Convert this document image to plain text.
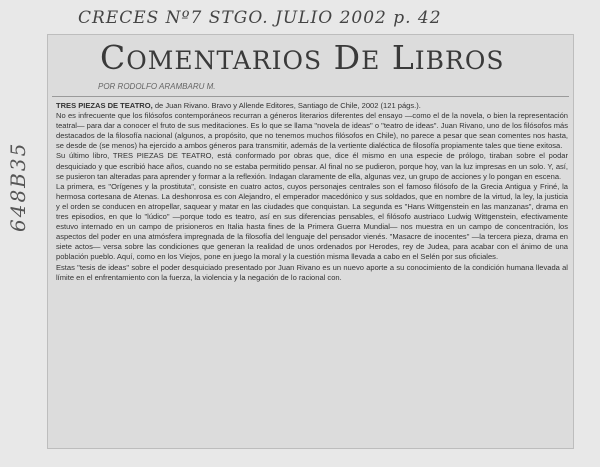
CRECES Nº7 STGO. JULIO 2002 p. 42
648B35
COMENTARIOS DE LIBROS
POR RODOLFO ARAMBARU M.

TRES PIEZAS DE TEATRO, de Juan Rivano. Bravo y Allende Editores, Santiago de Chile, 2002 (121 págs.).

No es infrecuente que los filósofos contemporáneos recurran a géneros literarios diferentes del ensayo —como el de la novela, o bien la representación teatral— para dar a conocer el fruto de sus meditaciones. Es lo que se llama "novela de ideas" o "teatro de ideas". Juan Rivano, uno de los filósofos más destacados de la filosofía nacional (algunos, a propósito, que no tenemos muchos filósofos en Chile), no parece a pesar que sean comentes nos hasta, se desde de (se menos) ha ejercido a ambos géneros para transmitir, además de la vertiente dialéctica de filosofía propiamente tales que tiene exitosa.

Su último libro, TRES PIEZAS DE TEATRO, está conformado por obras que, dice él mismo en una especie de prólogo, tiraban sobre el podar desquiciado y que escribió hace años, cuando no se estaba permitido pensar. Al final no se pudieron, porque hoy, van la luz impresas en un solo. Y, así, se pusieron tan alteradas para aprender y formar a la reflexión. Indagan claramente de ella, algunas vez, un grupo de acciones y lo pongan en escena.

La primera, es "Orígenes y la prostituta", consiste en cuatro actos, cuyos personajes centrales son el famoso filósofo de la Grecia Antigua y Friné, la hermosa cortesana de Atenas. La deshonrosa es con Alejandro, el emperador macedónico y sus soldados, que en nombre de la virtud, la ley, la justicia y el orden se conducen en atropellar, saquear y matar en las ciudades que conquistan. La segunda es "Hans Wittgenstein en las manzanas", drama en tres episodios, en que lo "lúdico" —porque todo es teatro, así en sus diferencias pensables, el filósofo austriaco Ludwig Wittgenstein, efectivamente estuvo internado en un campo de prisioneros en Italia hasta fines de la Primera Guerra Mundial— nos muestra en un campo de concentración, los aspectos del poder en una atmósfera impregnada de la filosofía del lenguaje del pensador vienés. "Masacre de inocentes" —la tercera pieza, drama en siete actos— versa sobre las condiciones que generan la realidad de unos ordenados por Herodes, rey de Judea, para acabar con el ánimo de una población pueblo. Aquí, como en los Viejos, pone en juego la moral y la cuestión misma llevada a cabo en el Selén por sus oficiales.

Estas "tesis de ideas" sobre el poder desquiciado presentado por Juan Rivano es un nuevo aporte a su conocimiento de la condición humana llevada al límite en el enfrentamiento con la fuerza, la violencia y la negación de lo racional con.
